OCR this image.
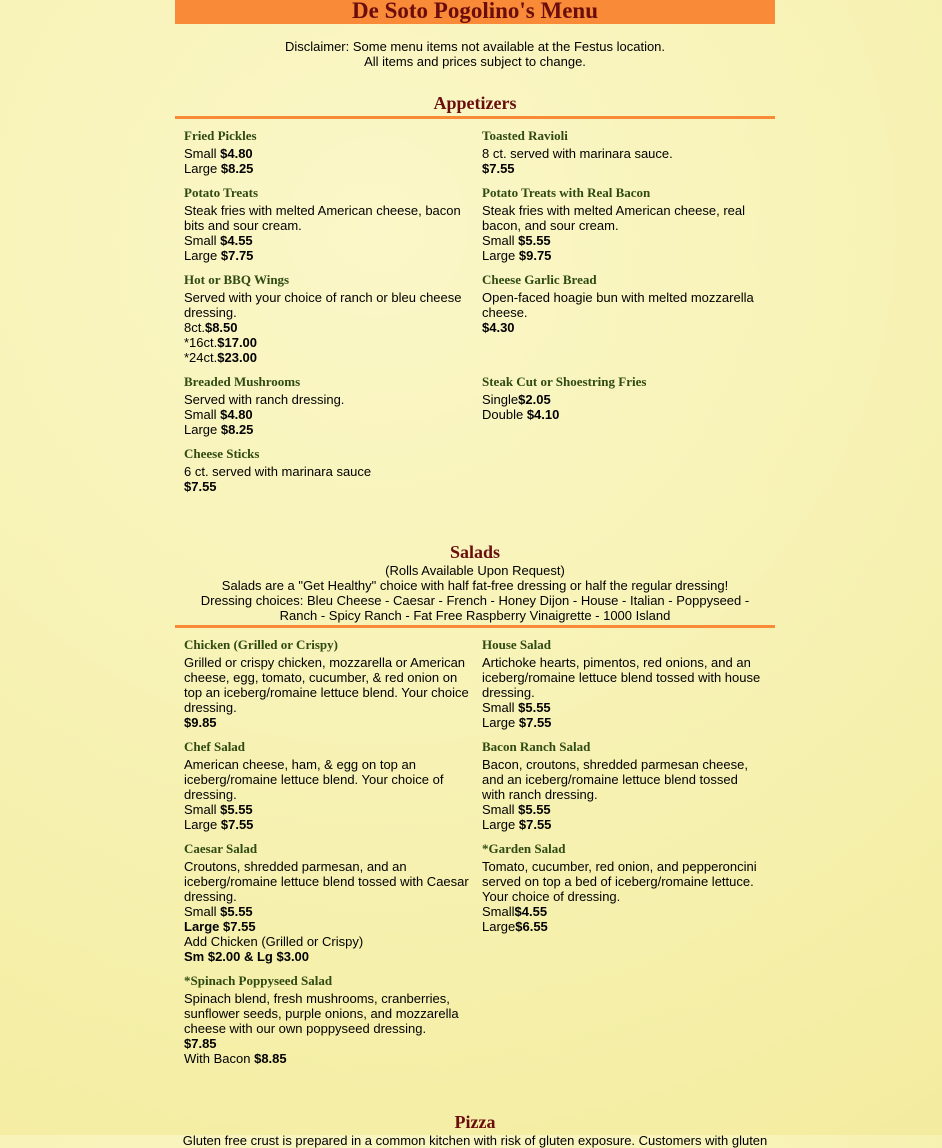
De Soto Pogolino's Menu
Disclaimer: Some menu items not available at the Festus location.
All items and prices subject to change.
Appetizers
Fried Pickles
Small $4.80
Large $8.25
Toasted Ravioli
8 ct. served with marinara sauce.
$7.55
Potato Treats
Steak fries with melted American cheese, bacon bits and sour cream.
Small $4.55
Large $7.75
Potato Treats with Real Bacon
Steak fries with melted American cheese, real bacon, and sour cream.
Small $5.55
Large $9.75
Hot or BBQ Wings
Served with your choice of ranch or bleu cheese dressing.
8ct.$8.50
*16ct.$17.00
*24ct.$23.00
Cheese Garlic Bread
Open-faced hoagie bun with melted mozzarella cheese.
$4.30
Breaded Mushrooms
Served with ranch dressing.
Small $4.80
Large $8.25
Steak Cut or Shoestring Fries
Single$2.05
Double $4.10
Cheese Sticks
6 ct. served with marinara sauce
$7.55
Salads
(Rolls Available Upon Request)
Salads are a "Get Healthy" choice with half fat-free dressing or half the regular dressing!
Dressing choices: Bleu Cheese - Caesar - French - Honey Dijon - House - Italian - Poppyseed - Ranch - Spicy Ranch - Fat Free Raspberry Vinaigrette - 1000 Island
Chicken (Grilled or Crispy)
Grilled or crispy chicken, mozzarella or American cheese, egg, tomato, cucumber, & red onion on top an iceberg/romaine lettuce blend. Your choice dressing.
$9.85
House Salad
Artichoke hearts, pimentos, red onions, and an iceberg/romaine lettuce blend tossed with house dressing.
Small $5.55
Large $7.55
Chef Salad
American cheese, ham, & egg on top an iceberg/romaine lettuce blend. Your choice of dressing.
Small $5.55
Large $7.55
Bacon Ranch Salad
Bacon, croutons, shredded parmesan cheese, and an iceberg/romaine lettuce blend tossed with ranch dressing.
Small $5.55
Large $7.55
Caesar Salad
Croutons, shredded parmesan, and an iceberg/romaine lettuce blend tossed with Caesar dressing.
Small $5.55
Large $7.55
Add Chicken (Grilled or Crispy)
Sm $2.00 & Lg $3.00
*Garden Salad
Tomato, cucumber, red onion, and pepperoncini served on top a bed of iceberg/romaine lettuce. Your choice of dressing.
Small$4.55
Large$6.55
*Spinach Poppyseed Salad
Spinach blend, fresh mushrooms, cranberries, sunflower seeds, purple onions, and mozzarella cheese with our own poppyseed dressing.
$7.85
With Bacon $8.85
Pizza
Gluten free crust is prepared in a common kitchen with risk of gluten exposure. Customers with gluten
